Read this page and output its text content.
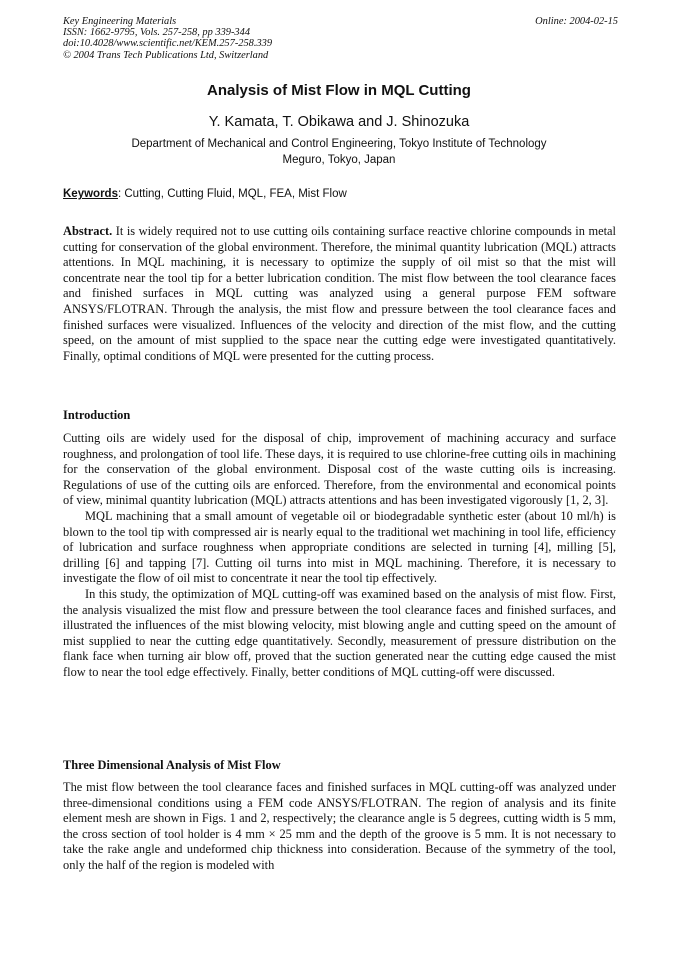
Key Engineering Materials
ISSN: 1662-9795, Vols. 257-258, pp 339-344
doi:10.4028/www.scientific.net/KEM.257-258.339
© 2004 Trans Tech Publications Ltd, Switzerland
Online: 2004-02-15
Analysis of Mist Flow in MQL Cutting
Y. Kamata, T. Obikawa and J. Shinozuka
Department of Mechanical and Control Engineering, Tokyo Institute of Technology
Meguro, Tokyo, Japan
Keywords: Cutting, Cutting Fluid, MQL, FEA, Mist Flow

Abstract. It is widely required not to use cutting oils containing surface reactive chlorine compounds in metal cutting for conservation of the global environment. Therefore, the minimal quantity lubrication (MQL) attracts attentions. In MQL machining, it is necessary to optimize the supply of oil mist so that the mist will concentrate near the tool tip for a better lubrication condition. The mist flow between the tool clearance faces and finished surfaces in MQL cutting was analyzed using a general purpose FEM software ANSYS/FLOTRAN. Through the analysis, the mist flow and pressure between the tool clearance faces and finished surfaces were visualized. Influences of the velocity and direction of the mist flow, and the cutting speed, on the amount of mist supplied to the space near the cutting edge were investigated quantitatively. Finally, optimal conditions of MQL were presented for the cutting process.

Introduction

Cutting oils are widely used for the disposal of chip, improvement of machining accuracy and surface roughness, and prolongation of tool life. These days, it is required to use chlorine-free cutting oils in machining for the conservation of the global environment. Disposal cost of the waste cutting oils is increasing. Regulations of use of the cutting oils are enforced. Therefore, from the environmental and economical points of view, minimal quantity lubrication (MQL) attracts attentions and has been investigated vigorously [1, 2, 3].

MQL machining that a small amount of vegetable oil or biodegradable synthetic ester (about 10 ml/h) is blown to the tool tip with compressed air is nearly equal to the traditional wet machining in tool life, efficiency of lubrication and surface roughness when appropriate conditions are selected in turning [4], milling [5], drilling [6] and tapping [7]. Cutting oil turns into mist in MQL machining. Therefore, it is necessary to investigate the flow of oil mist to concentrate it near the tool tip effectively.

In this study, the optimization of MQL cutting-off was examined based on the analysis of mist flow. First, the analysis visualized the mist flow and pressure between the tool clearance faces and finished surfaces, and illustrated the influences of the mist blowing velocity, mist blowing angle and cutting speed on the amount of mist supplied to near the cutting edge quantitatively. Secondly, measurement of pressure distribution on the flank face when turning air blow off, proved that the suction generated near the cutting edge caused the mist flow to near the tool edge effectively. Finally, better conditions of MQL cutting-off were discussed.

Three Dimensional Analysis of Mist Flow

The mist flow between the tool clearance faces and finished surfaces in MQL cutting-off was analyzed under three-dimensional conditions using a FEM code ANSYS/FLOTRAN. The region of analysis and its finite element mesh are shown in Figs. 1 and 2, respectively; the clearance angle is 5 degrees, cutting width is 5 mm, the cross section of tool holder is 4 mm × 25 mm and the depth of the groove is 5 mm. It is not necessary to take the rake angle and undeformed chip thickness into consideration. Because of the symmetry of the tool, only the half of the region is modeled with
